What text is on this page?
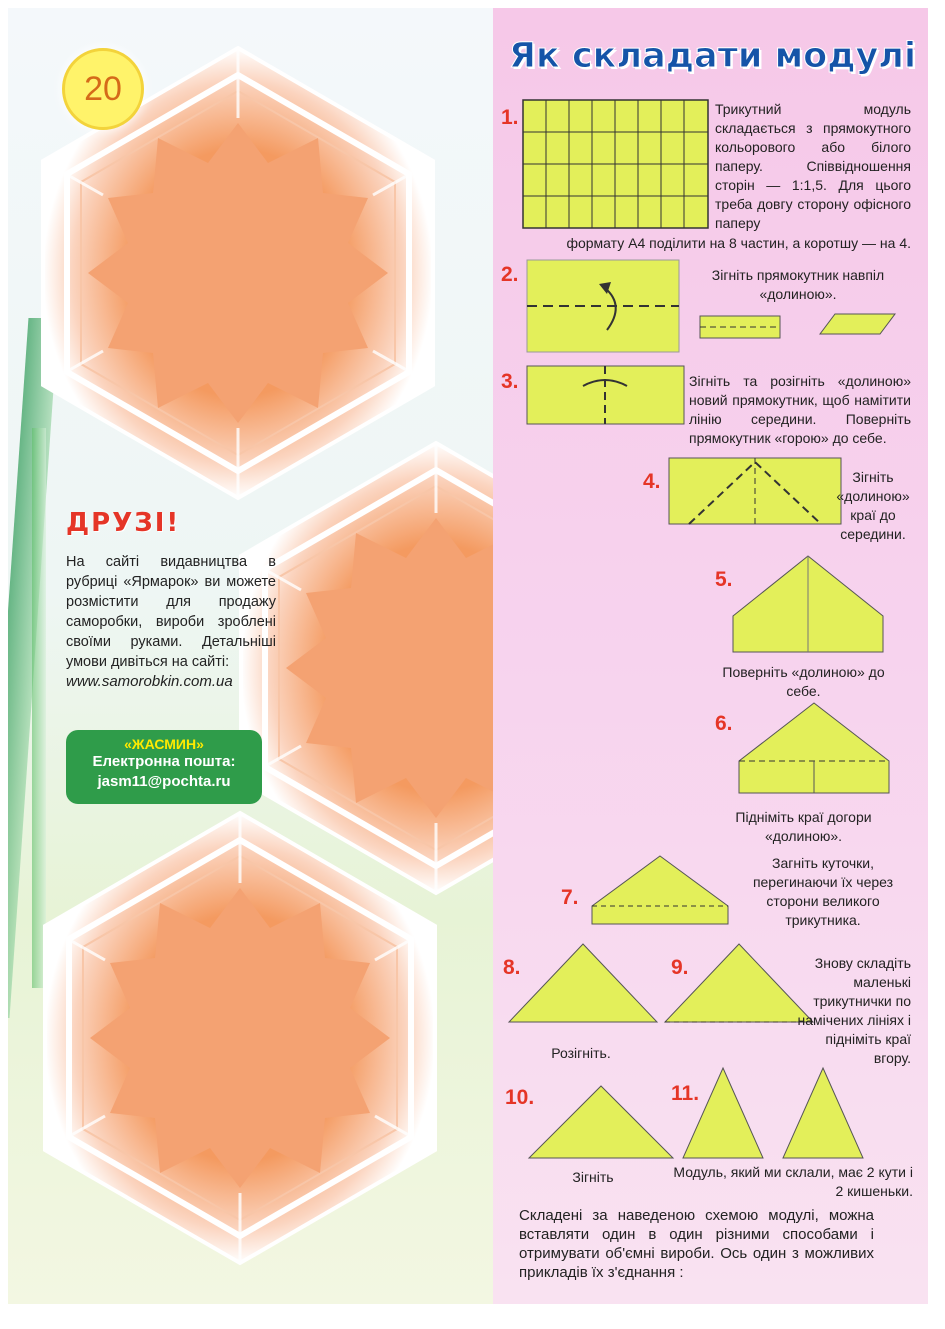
20
ДРУЗІ!

На сайті видавництва в рубриці «Ярмарок» ви можете розмістити для продажу саморобки, вироби зроблені своїми руками. Детальніші умови дивіться на сайті:

www.samorobkin.com.ua

«ЖАСМИН»
Електронна пошта:
jasm11@pochta.ru
Як складати модулі
1.	Трикутний модуль складається з прямокутного кольорового або білого паперу. Співвідношення сторін — 1:1,5. Для цього треба довгу сторону офісного паперу
формату А4 поділити на 8 частин, а коротшу — на 4.
2.	Зігніть прямокутник навпіл «долиною».
3.	Зігніть та розігніть «долиною» новий прямокутник, щоб намітити лінію середини. Поверніть прямокутник «горою» до себе.
4.	Зігніть «долиною» краї до середини.
5.
Поверніть «долиною» до себе.
6.
Підніміть краї догори «долиною».
7.
Загніть куточки, перегинаючи їх через сторони великого трикутника.
8.
Розігніть.
9.	Знову складіть маленькі трикутнички по намічених лініях і підніміть краї вгору.
10.
Зігніть
11.
Модуль, який ми склали, має 2 кути і 2 кишеньки.
Складені за наведеною схемою модулі, можна вставляти один в один різними способами і отримувати об'ємні вироби. Ось один з можливих прикладів їх з'єднання :
